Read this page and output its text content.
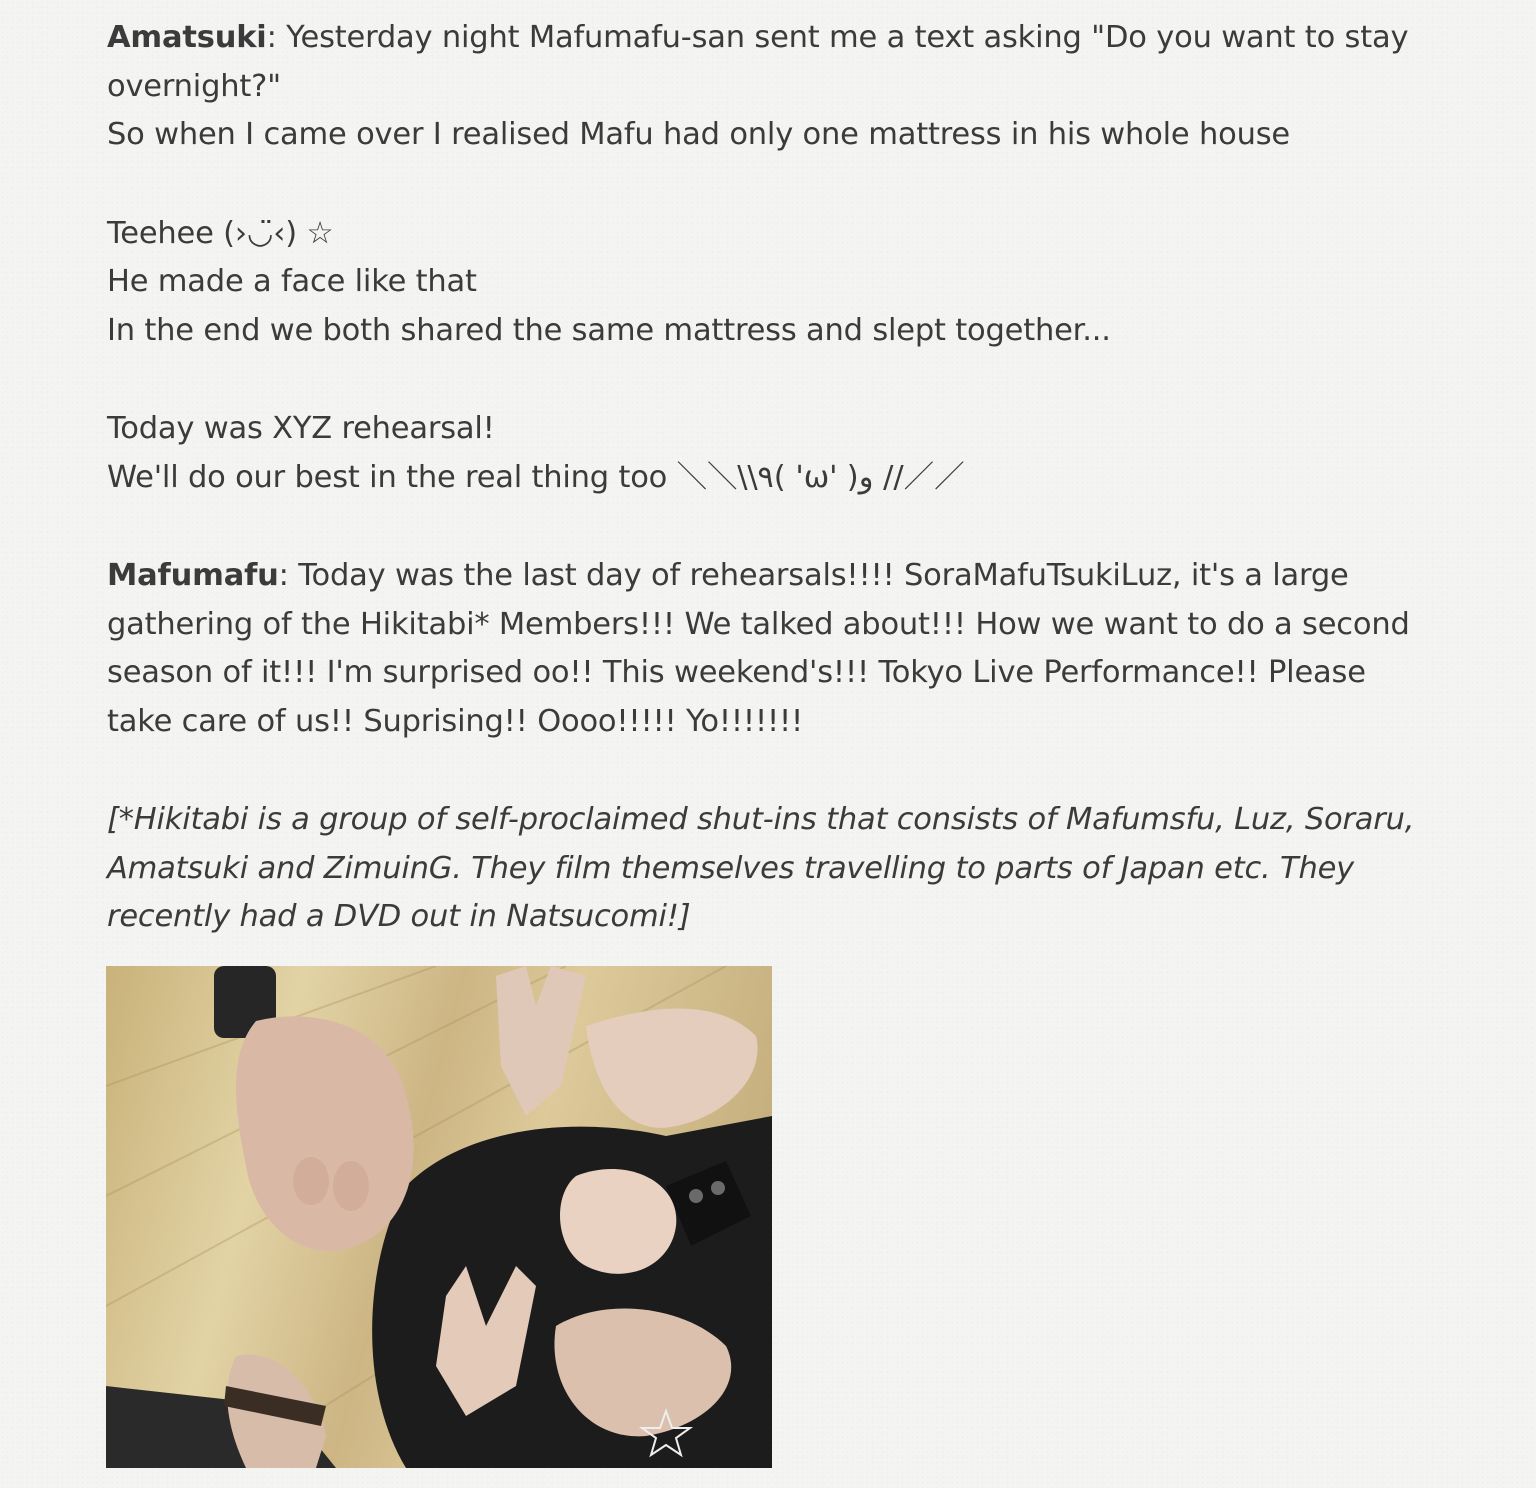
Amatsuki: Yesterday night Mafumafu-san sent me a text asking "Do you want to stay overnight?"
So when I came over I realised Mafu had only one mattress in his whole house
Teehee (›◡̈‹) ☆
He made a face like that
In the end we both shared the same mattress and slept together...
Today was XYZ rehearsal!
We'll do our best in the real thing too ＼＼\\٩( 'ω' )و //／／
Mafumafu: Today was the last day of rehearsals!!!! SoraMafuTsukiLuz, it's a large gathering of the Hikitabi* Members!!! We talked about!!! How we want to do a second season of it!!! I'm surprised oo!! This weekend's!!! Tokyo Live Performance!! Please take care of us!! Suprising!! Oooo!!!!! Yo!!!!!!!
[*Hikitabi is a group of self-proclaimed shut-ins that consists of Mafumsfu, Luz, Soraru, Amatsuki and ZimuinG. They film themselves travelling to parts of Japan etc. They recently had a DVD out in Natsucomi!]
